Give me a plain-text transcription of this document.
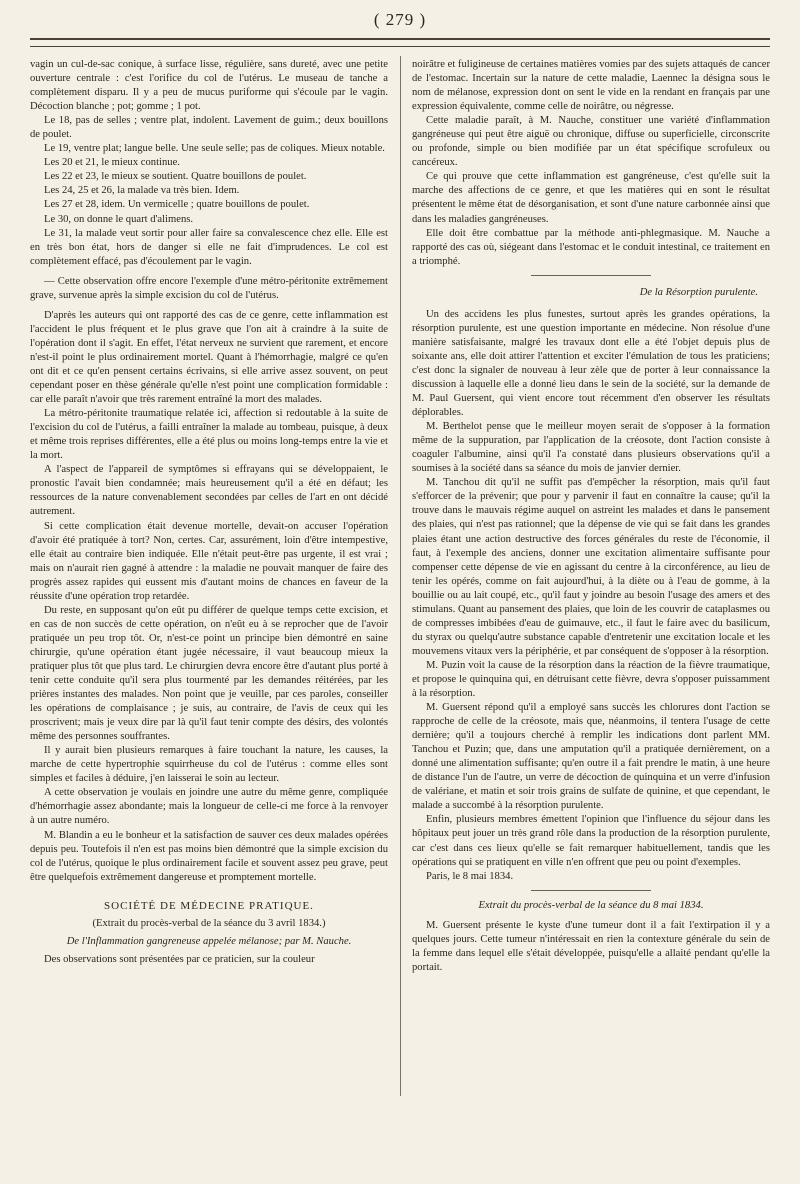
( 279 )

vagin un cul-de-sac conique, à surface lisse, régulière, sans dureté, avec une petite ouverture centrale : c'est l'orifice du col de l'utérus. Le museau de tanche a complètement disparu. Il y a peu de mucus puriforme qui s'écoule par le vagin. Décoction blanche ; pot; gomme ; 1 pot.

Le 18, pas de selles ; ventre plat, indolent. Lavement de guim.; deux bouillons de poulet.

Le 19, ventre plat; langue belle. Une seule selle; pas de coliques. Mieux notable.

Les 20 et 21, le mieux continue.

Les 22 et 23, le mieux se soutient. Quatre bouillons de poulet.

Les 24, 25 et 26, la malade va très bien. Idem.

Les 27 et 28, idem. Un vermicelle ; quatre bouillons de poulet.

Le 30, on donne le quart d'alimens.

Le 31, la malade veut sortir pour aller faire sa convalescence chez elle. Elle est en très bon état, hors de danger si elle ne fait d'imprudences. Le col est complètement effacé, pas d'écoulement par le vagin.

— Cette observation offre encore l'exemple d'une métro-péritonite extrêmement grave, survenue après la simple excision du col de l'utérus.

D'après les auteurs qui ont rapporté des cas de ce genre, cette inflammation est l'accident le plus fréquent et le plus grave que l'on ait à craindre à la suite de l'opération dont il s'agit. En effet, l'état nerveux ne survient que rarement, et encore n'est-il point le plus ordinairement mortel. Quant à l'hémorrhagie, malgré ce qu'en ont dit et ce qu'en pensent certains écrivains, si elle arrive assez souvent, on peut cependant poser en thèse générale qu'elle n'est point une complication formidable : car elle paraît n'avoir que très rarement entraîné la mort des malades.

La métro-péritonite traumatique relatée ici, affection si redoutable à la suite de l'excision du col de l'utérus, a failli entraîner la malade au tombeau, puisque, à deux et même trois reprises différentes, elle a été plus ou moins long-temps entre la vie et la mort.

A l'aspect de l'appareil de symptômes si effrayans qui se développaient, le pronostic l'avait bien condamnée; mais heureusement qu'il a été en défaut; les ressources de la nature convenablement secondées par celles de l'art en ont décidé autrement.

Si cette complication était devenue mortelle, devait-on accuser l'opération d'avoir été pratiquée à tort? Non, certes. Car, assurément, loin d'être intempestive, elle était au contraire bien indiquée. Elle n'était peut-être pas urgente, il est vrai ; mais on n'aurait rien gagné à attendre : la maladie ne pouvait manquer de faire des progrès assez rapides qui eussent mis d'autant moins de chances en faveur de la réussite d'une opération trop retardée.

Du reste, en supposant qu'on eût pu différer de quelque temps cette excision, et en cas de non succès de cette opération, on n'eût eu à se reprocher que de l'avoir pratiquée un peu trop tôt. Or, n'est-ce point un principe bien démontré en saine chirurgie, qu'une opération étant jugée nécessaire, il vaut beaucoup mieux la pratiquer plus tôt que plus tard. Le chirurgien devra encore être d'autant plus porté à tenir cette conduite qu'il sera plus tourmenté par les demandes réitérées, par les prières instantes des malades. Non point que je veuille, par ces paroles, conseiller les opérations de complaisance ; je suis, au contraire, de l'avis de ceux qui les proscrivent; mais je veux dire par là qu'il faut tenir compte des désirs, des volontés même des personnes souffrantes.

Il y aurait bien plusieurs remarques à faire touchant la nature, les causes, la marche de cette hypertrophie squirrheuse du col de l'utérus : comme elles sont simples et faciles à déduire, j'en laisserai le soin au lecteur.

A cette observation je voulais en joindre une autre du même genre, compliquée d'hémorrhagie assez abondante; mais la longueur de celle-ci me force à la renvoyer à un autre numéro.

M. Blandin a eu le bonheur et la satisfaction de sauver ces deux malades opérées depuis peu. Toutefois il n'en est pas moins bien démontré que la simple excision du col de l'utérus, quoique le plus ordinairement facile et souvent assez peu grave, peut être quelquefois extrêmement dangereuse et promptement mortelle.

SOCIÉTÉ DE MÉDECINE PRATIQUE.
(Extrait du procès-verbal de la séance du 3 avril 1834.)
De l'Inflammation gangreneuse appelée mélanose; par M. Nauche.

Des observations sont présentées par ce praticien, sur la couleur

noirâtre et fuligineuse de certaines matières vomies par des sujets attaqués de cancer de l'estomac. Incertain sur la nature de cette maladie, Laennec la désigna sous le nom de mélanose, expression dont on sent le vide en la rendant en français par une expression équivalente, comme celle de noirâtre, ou négresse.

Cette maladie paraît, à M. Nauche, constituer une variété d'inflammation gangréneuse qui peut être aiguë ou chronique, diffuse ou superficielle, circonscrite ou profonde, simple ou bien modifiée par un état spécifique scrofuleux ou cancéreux.

Ce qui prouve que cette inflammation est gangréneuse, c'est qu'elle suit la marche des affections de ce genre, et que les matières qui en sont le résultat présentent le même état de désorganisation, et sont d'une nature carbonnée ainsi que dans les maladies gangréneuses.

Elle doit être combattue par la méthode anti-phlegmasique. M. Nauche a rapporté des cas où, siégeant dans l'estomac et le conduit intestinal, ce traitement en a triomphé.

De la Résorption purulente.

Un des accidens les plus funestes, surtout après les grandes opérations, la résorption purulente, est une question importante en médecine. Non résolue d'une manière satisfaisante, malgré les travaux dont elle a été l'objet depuis plus de soixante ans, elle doit attirer l'attention et exciter l'émulation de tous les praticiens; c'est donc la signaler de nouveau à leur zèle que de porter à leur connaissance la discussion à laquelle elle a donné lieu dans le sein de la société, sur la demande de M. Paul Guersent, qui vient encore tout récemment d'en observer les résultats déplorables.

M. Berthelot pense que le meilleur moyen serait de s'opposer à la formation même de la suppuration, par l'application de la créosote, dont l'action consiste à coaguler l'albumine, ainsi qu'il l'a constaté dans plusieurs observations qu'il a soumises à la société dans sa séance du mois de janvier dernier.

M. Tanchou dit qu'il ne suffit pas d'empêcher la résorption, mais qu'il faut s'efforcer de la prévenir; que pour y parvenir il faut en connaître la cause; qu'il la trouve dans le mauvais régime auquel on astreint les malades et dans le pansement des plaies, qui n'est pas rationnel; que la dépense de vie qui se fait dans les grandes plaies étant une action destructive des forces générales du reste de l'économie, il faut, à l'exemple des anciens, donner une excitation alimentaire suffisante pour compenser cette dépense de vie en agissant du centre à la circonférence, au lieu de tenir les opérés, comme on fait aujourd'hui, à la diète ou à l'eau de gomme, à la bouillie ou au lait coupé, etc., qu'il faut y joindre au besoin l'usage des amers et des stimulans. Quant au pansement des plaies, que loin de les couvrir de cataplasmes ou de compresses imbibées d'eau de guimauve, etc., il faut le faire avec du basilicum, du styrax ou quelqu'autre substance capable d'entretenir une excitation locale et les mouvemens vitaux vers la périphérie, et par conséquent de s'opposer à la résorption.

M. Puzin voit la cause de la résorption dans la réaction de la fièvre traumatique, et propose le quinquina qui, en détruisant cette fièvre, devra s'opposer puissamment à la résorption.

M. Guersent répond qu'il a employé sans succès les chlorures dont l'action se rapproche de celle de la créosote, mais que, néanmoins, il tentera l'usage de cette dernière; qu'il a toujours cherché à remplir les indications dont parlent MM. Tanchou et Puzin; que, dans une amputation qu'il a pratiquée dernièrement, on a donné une alimentation suffisante; qu'en outre il a fait prendre le matin, à une heure de distance l'un de l'autre, un verre de décoction de quinquina et un verre d'infusion de valériane, et matin et soir trois grains de sulfate de quinine, et que cependant, le malade a succombé à la résorption purulente.

Enfin, plusieurs membres émettent l'opinion que l'influence du séjour dans les hôpitaux peut jouer un très grand rôle dans la production de la résorption purulente, car c'est dans ces lieux qu'elle se fait remarquer habituellement, tandis que les opérations qui se pratiquent en ville n'en offrent que peu ou point d'exemples.

Paris, le 8 mai 1834.

Extrait du procès-verbal de la séance du 8 mai 1834.

M. Guersent présente le kyste d'une tumeur dont il a fait l'extirpation il y a quelques jours. Cette tumeur n'intéressait en rien la contexture générale du sein de la femme dans lequel elle s'était développée, puisqu'elle a allaité pendant qu'elle la portait.
